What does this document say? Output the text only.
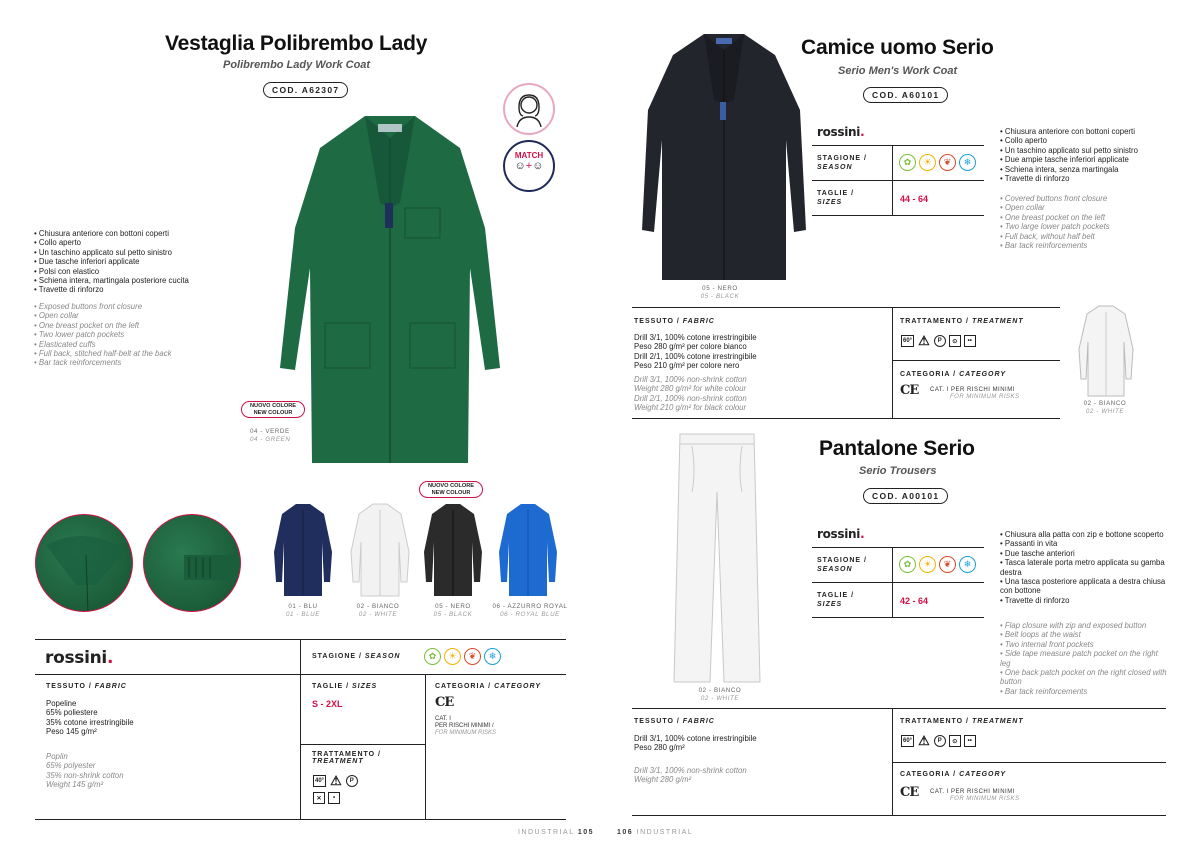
Vestaglia Polibrembo Lady
Polibrembo Lady Work Coat
COD. A62307
MATCH
☺+☺
NUOVO COLORE
NEW COLOUR
04 - VERDE
04 - GREEN
• Chiusura anteriore con bottoni coperti
• Collo aperto
• Un taschino applicato sul petto sinistro
• Due tasche inferiori applicate
• Polsi con elastico
• Schiena intera, martingala posteriore cucita
• Travette di rinforzo
• Exposed buttons front closure
• Open collar
• One breast pocket on the left
• Two lower patch pockets
• Elasticated cuffs
• Full back, stitched half-belt at the back
• Bar tack reinforcements
NUOVO COLORE
NEW COLOUR
01 - BLU
01 - BLUE
02 - BIANCO
02 - WHITE
05 - NERO
05 - BLACK
06 - AZZURRO ROYAL
06 - ROYAL BLUE
rossini.	STAGIONE / SEASON	✿	☀	❦	❄
TESSUTO / FABRIC
Popeline
65% poliestere
35% cotone irrestringibile
Peso 145 g/m²
Poplin
65% polyester
35% non-shrink cotton
Weight 145 g/m²
TAGLIE / SIZES
S - 2XL
TRATTAMENTO /
TREATMENT
40° ⚠	P
✕	•
CATEGORIA / CATEGORY
CE
CAT. I
PER RISCHI MINIMI /
FOR MINIMUM RISKS
INDUSTRIAL 105
05 - NERO
05 - BLACK
Camice uomo Serio
Serio Men's Work Coat
COD. A60101
rossini.
STAGIONE /
SEASON
✿	☀	❦	❄
TAGLIE /
SIZES	44 - 64
• Chiusura anteriore con bottoni coperti
• Collo aperto
• Un taschino applicato sul petto sinistro
• Due ampie tasche inferiori applicate
• Schiena intera, senza martingala
• Travette di rinforzo
• Covered buttons front closure
• Open collar
• One breast pocket on the left
• Two large lower patch pockets
• Full back, without half belt
• Bar tack reinforcements
TESSUTO / FABRIC
Drill 3/1, 100% cotone irrestringibile
Peso 280 g/m² per colore bianco
Drill 2/1, 100% cotone irrestringibile
Peso 210 g/m² per colore nero
Drill 3/1, 100% non-shrink cotton
Weight 280 g/m² for white colour
Drill 2/1, 100% non-shrink cotton
Weight 210 g/m² for black colour
TRATTAMENTO / TREATMENT
60° ⚠	P	⊙	••
CATEGORIA / CATEGORY
CE CAT. I PER RISCHI MINIMI
FOR MINIMUM RISKS
02 - BIANCO
02 - WHITE
02 - BIANCO
02 - WHITE
Pantalone Serio
Serio Trousers
COD. A00101
rossini.
STAGIONE /
SEASON
✿	☀	❦	❄
TAGLIE /
SIZES	42 - 64
• Chiusura alla patta con zip e bottone scoperto
• Passanti in vita
• Due tasche anteriori
• Tasca laterale porta metro applicata su gamba destra
• Una tasca posteriore applicata a destra chiusa con bottone
• Travette di rinforzo
• Flap closure with zip and exposed button
• Belt loops at the waist
• Two internal front pockets
• Side tape measure patch pocket on the right leg
• One back patch pocket on the right closed with button
• Bar tack reinforcements
TESSUTO / FABRIC
Drill 3/1, 100% cotone irrestringibile
Peso 280 g/m²
Drill 3/1, 100% non-shrink cotton
Weight 280 g/m²
TRATTAMENTO / TREATMENT
60° ⚠	P	⊙	••
CATEGORIA / CATEGORY
CE CAT. I PER RISCHI MINIMI
FOR MINIMUM RISKS
106 INDUSTRIAL
